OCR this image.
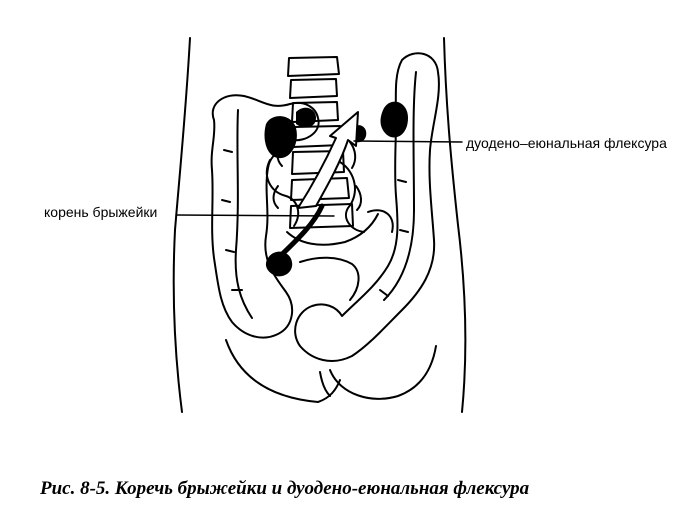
дуодено–еюнальная флексура
корень брыжейки
Рис. 8-5. Коречь брыжейки и дуодено-еюнальная флексура
